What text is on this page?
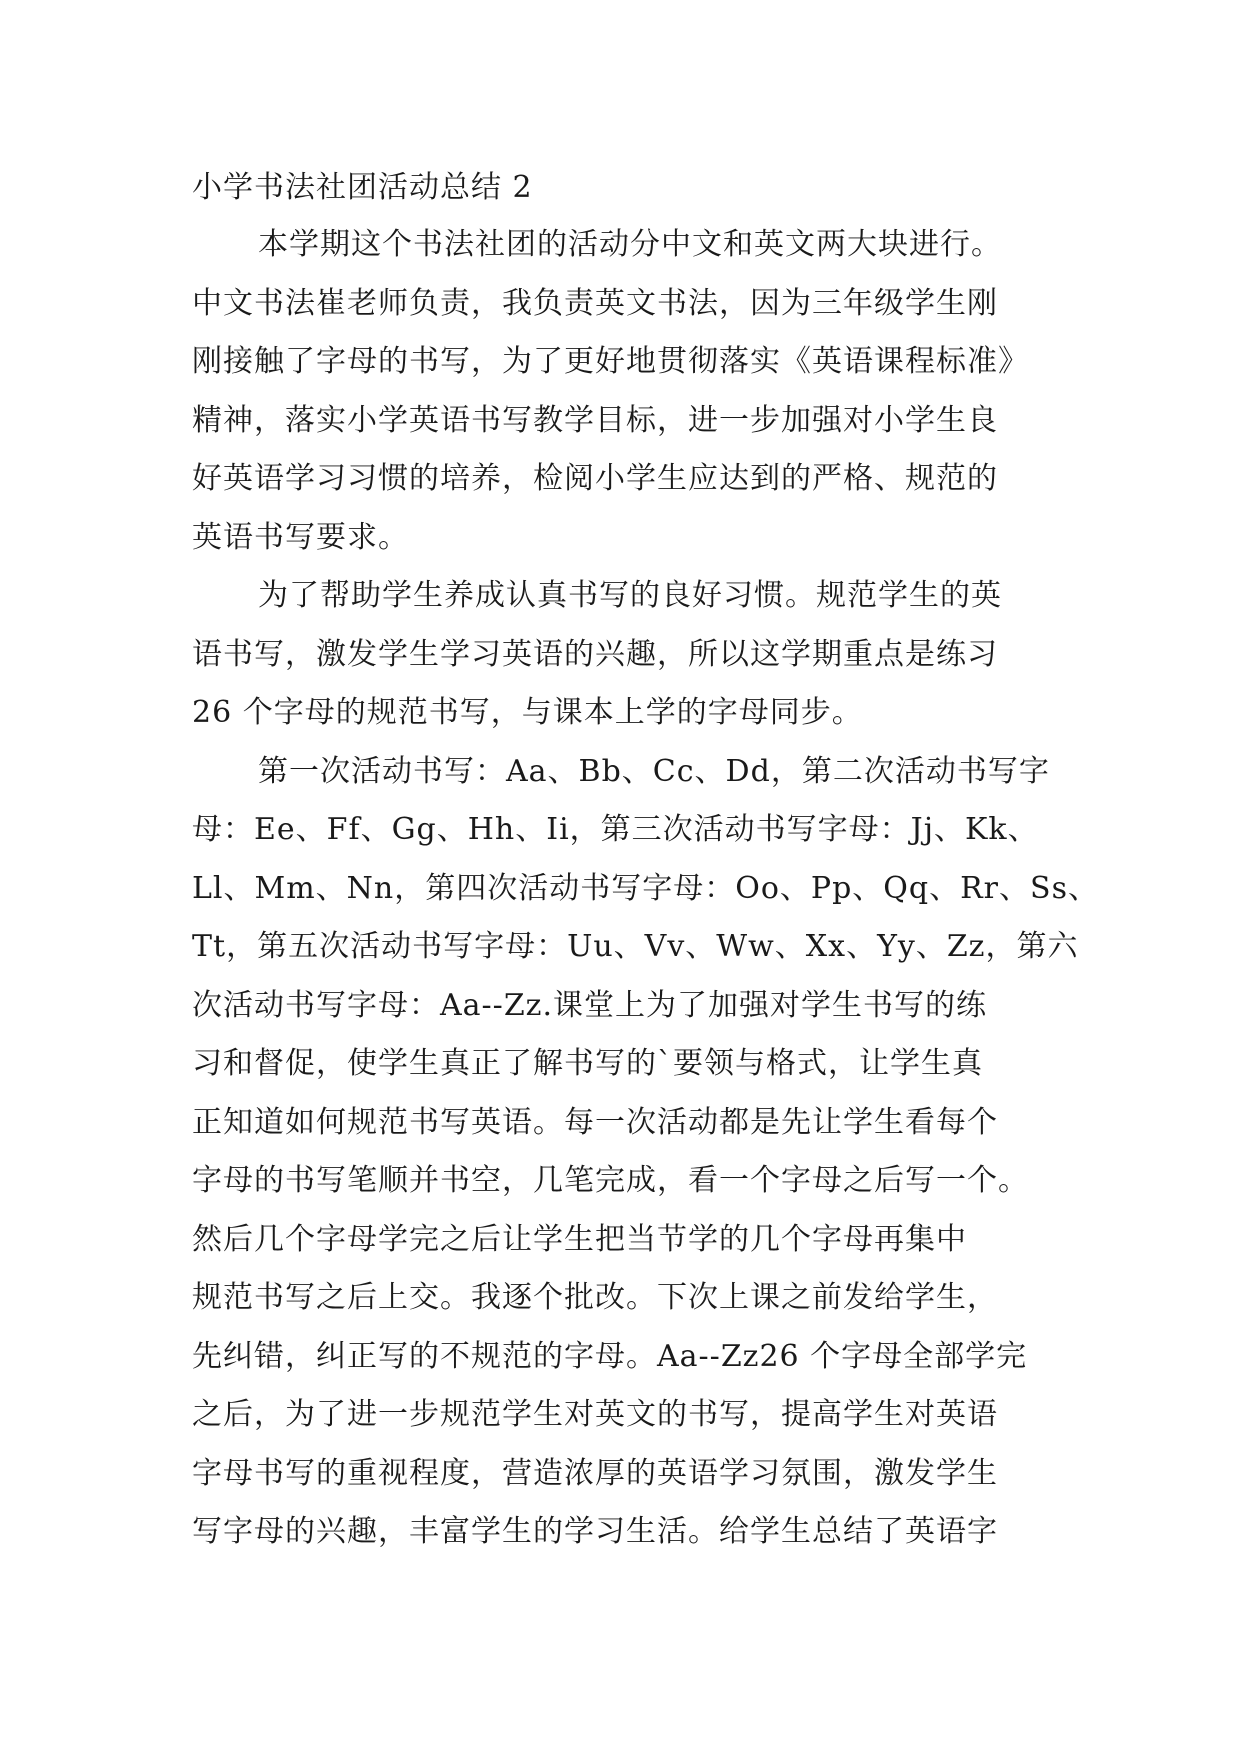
小学书法社团活动总结 2

本学期这个书法社团的活动分中文和英文两大块进行。

中文书法崔老师负责，我负责英文书法，因为三年级学生刚

刚接触了字母的书写，为了更好地贯彻落实《英语课程标准》

精神，落实小学英语书写教学目标，进一步加强对小学生良

好英语学习习惯的培养，检阅小学生应达到的严格、规范的

英语书写要求。

为了帮助学生养成认真书写的良好习惯。规范学生的英

语书写，激发学生学习英语的兴趣，所以这学期重点是练习

26 个字母的规范书写，与课本上学的字母同步。

第一次活动书写：Aa、Bb、Cc、Dd，第二次活动书写字

母：Ee、Ff、Gg、Hh、Ii，第三次活动书写字母：Jj、Kk、

Ll、Mm、Nn，第四次活动书写字母：Oo、Pp、Qq、Rr、Ss、

Tt，第五次活动书写字母：Uu、Vv、Ww、Xx、Yy、Zz，第六

次活动书写字母：Aa--Zz.课堂上为了加强对学生书写的练

习和督促，使学生真正了解书写的`要领与格式，让学生真

正知道如何规范书写英语。每一次活动都是先让学生看每个

字母的书写笔顺并书空，几笔完成，看一个字母之后写一个。

然后几个字母学完之后让学生把当节学的几个字母再集中

规范书写之后上交。我逐个批改。下次上课之前发给学生，

先纠错，纠正写的不规范的字母。Aa--Zz26 个字母全部学完

之后，为了进一步规范学生对英文的书写，提高学生对英语

字母书写的重视程度，营造浓厚的英语学习氛围，激发学生

写字母的兴趣，丰富学生的学习生活。给学生总结了英语字
